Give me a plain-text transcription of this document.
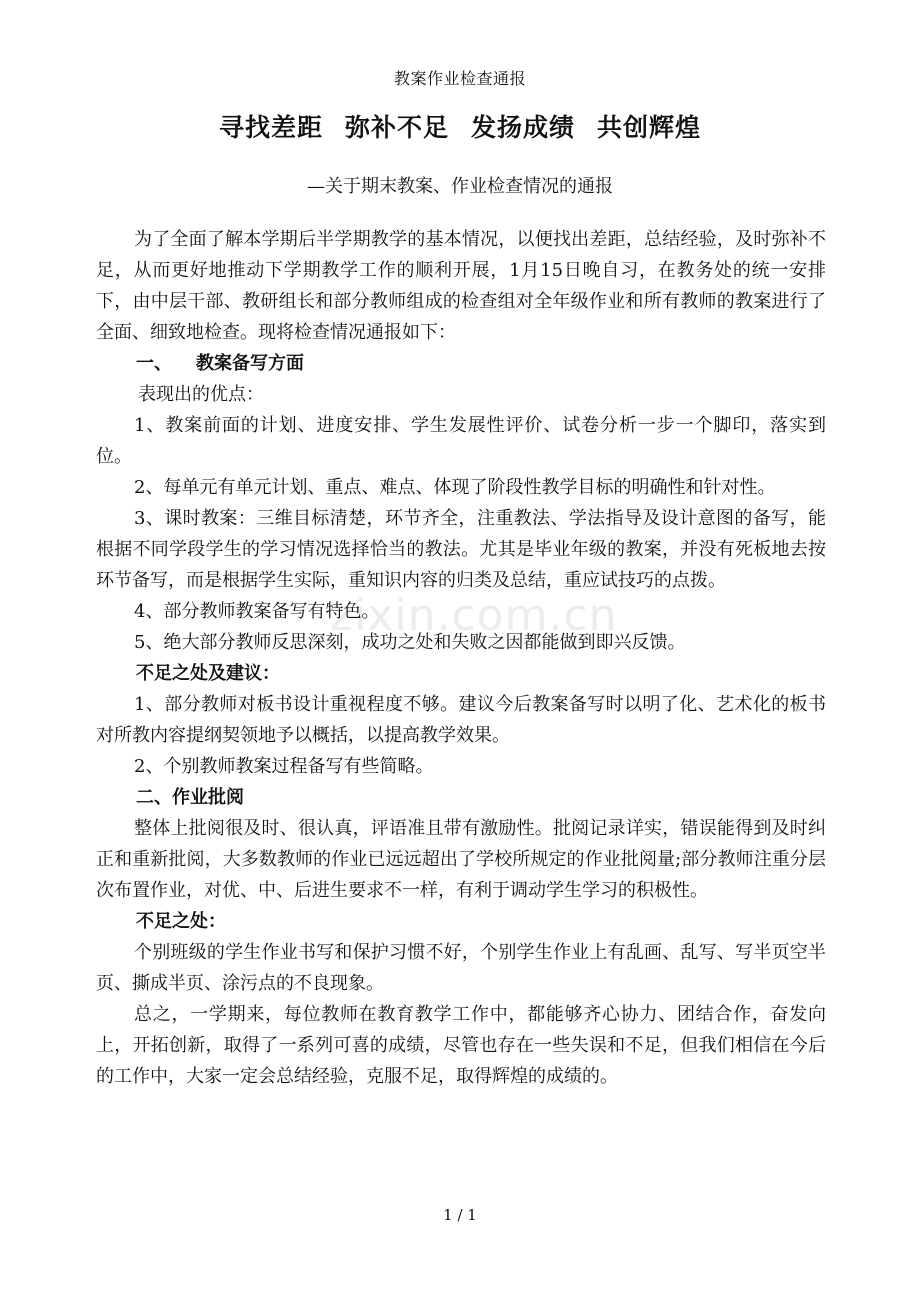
教案作业检查通报
寻找差距 弥补不足 发扬成绩 共创辉煌
—关于期末教案、作业检查情况的通报
zixin.com.cn

为了全面了解本学期后半学期教学的基本情况，以便找出差距，总结经验，及时弥补不足，从而更好地推动下学期教学工作的顺利开展，1月15日晚自习，在教务处的统一安排下，由中层干部、教研组长和部分教师组成的检查组对全年级作业和所有教师的教案进行了全面、细致地检查。现将检查情况通报如下：

一、 教案备写方面

表现出的优点：

1、教案前面的计划、进度安排、学生发展性评价、试卷分析一步一个脚印，落实到位。

2、每单元有单元计划、重点、难点、体现了阶段性教学目标的明确性和针对性。

3、课时教案：三维目标清楚，环节齐全，注重教法、学法指导及设计意图的备写，能根据不同学段学生的学习情况选择恰当的教法。尤其是毕业年级的教案，并没有死板地去按环节备写，而是根据学生实际，重知识内容的归类及总结，重应试技巧的点拨。

4、部分教师教案备写有特色。

5、绝大部分教师反思深刻，成功之处和失败之因都能做到即兴反馈。

不足之处及建议：

1、部分教师对板书设计重视程度不够。建议今后教案备写时以明了化、艺术化的板书对所教内容提纲契领地予以概括，以提高教学效果。

2、个别教师教案过程备写有些简略。

二、作业批阅

整体上批阅很及时、很认真，评语准且带有激励性。批阅记录详实，错误能得到及时纠正和重新批阅，大多数教师的作业已远远超出了学校所规定的作业批阅量;部分教师注重分层次布置作业，对优、中、后进生要求不一样，有利于调动学生学习的积极性。

不足之处：

个别班级的学生作业书写和保护习惯不好，个别学生作业上有乱画、乱写、写半页空半页、撕成半页、涂污点的不良现象。

总之，一学期来，每位教师在教育教学工作中，都能够齐心协力、团结合作，奋发向上，开拓创新，取得了一系列可喜的成绩，尽管也存在一些失误和不足，但我们相信在今后的工作中，大家一定会总结经验，克服不足，取得辉煌的成绩的。

1 / 1
